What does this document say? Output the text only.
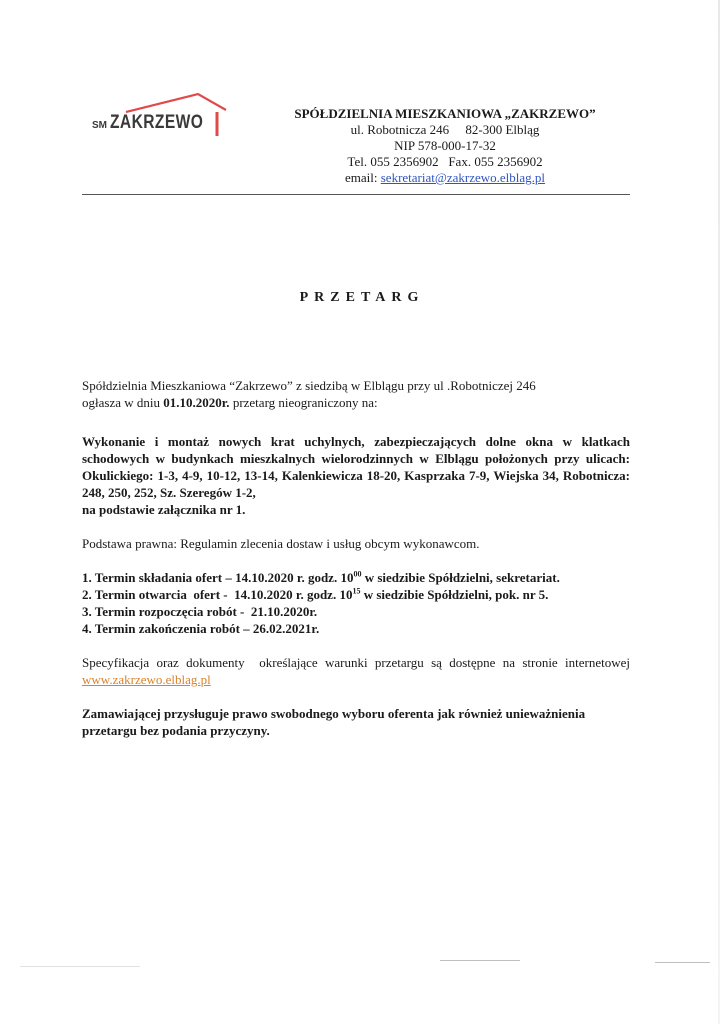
SM ZAKRZEWO	SPÓŁDZIELNIA MIESZKANIOWA „ZAKRZEWO”
ul. Robotnicza 246     82-300 Elbląg
NIP 578-000-17-32
Tel. 055 2356902   Fax. 055 2356902
email: sekretariat@zakrzewo.elblag.pl
PRZETARG

Spółdzielnia Mieszkaniowa “Zakrzewo” z siedzibą w Elblągu przy ul .Robotniczej 246

ogłasza w dniu 01.10.2020r. przetarg nieograniczony na:

Wykonanie i montaż nowych krat uchylnych, zabezpieczających dolne okna w klatkach schodowych w budynkach mieszkalnych wielorodzinnych w Elblągu położonych przy ulicach: Okulickiego: 1-3, 4-9, 10-12, 13-14, Kalenkiewicza 18-20, Kasprzaka 7-9, Wiejska 34, Robotnicza: 248, 250, 252, Sz. Szeregów 1-2,

na podstawie załącznika nr 1.

Podstawa prawna: Regulamin zlecenia dostaw i usług obcym wykonawcom.

1. Termin składania ofert – 14.10.2020 r. godz. $10^{00}$ w siedzibie Spółdzielni, sekretariat.

2. Termin otwarcia  ofert -  14.10.2020 r. godz. $10^{15}$ w siedzibie Spółdzielni, pok. nr 5.

3. Termin rozpoczęcia robót -  21.10.2020r.

4. Termin zakończenia robót – 26.02.2021r.

Specyfikacja oraz dokumenty  określające warunki przetargu są dostępne na stronie internetowej www.zakrzewo.elblag.pl

Zamawiającej przysługuje prawo swobodnego wyboru oferenta jak również unieważnienia przetargu bez podania przyczyny.
